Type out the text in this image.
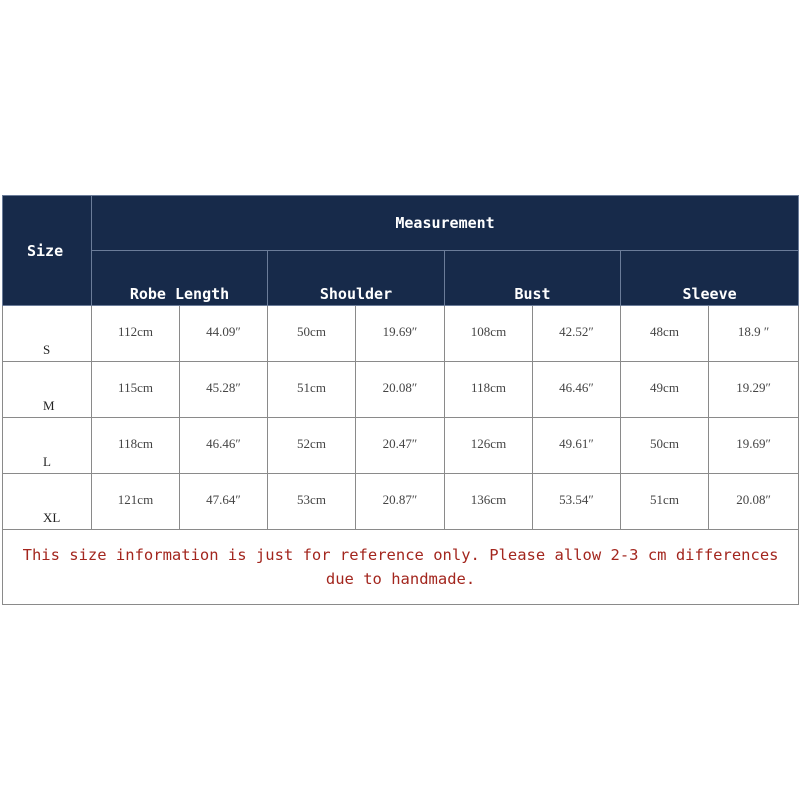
Size	Measurement							
	Robe Length		Shoulder		Bust		Sleeve	
S	112cm	44.09″	50cm	19.69″	108cm	42.52″	48cm	18.9 ″
M	115cm	45.28″	51cm	20.08″	118cm	46.46″	49cm	19.29″
L	118cm	46.46″	52cm	20.47″	126cm	49.61″	50cm	19.69″
XL	121cm	47.64″	53cm	20.87″	136cm	53.54″	51cm	20.08″
This size information is just for reference only. Please allow 2-3 cm differences due to handmade.								
